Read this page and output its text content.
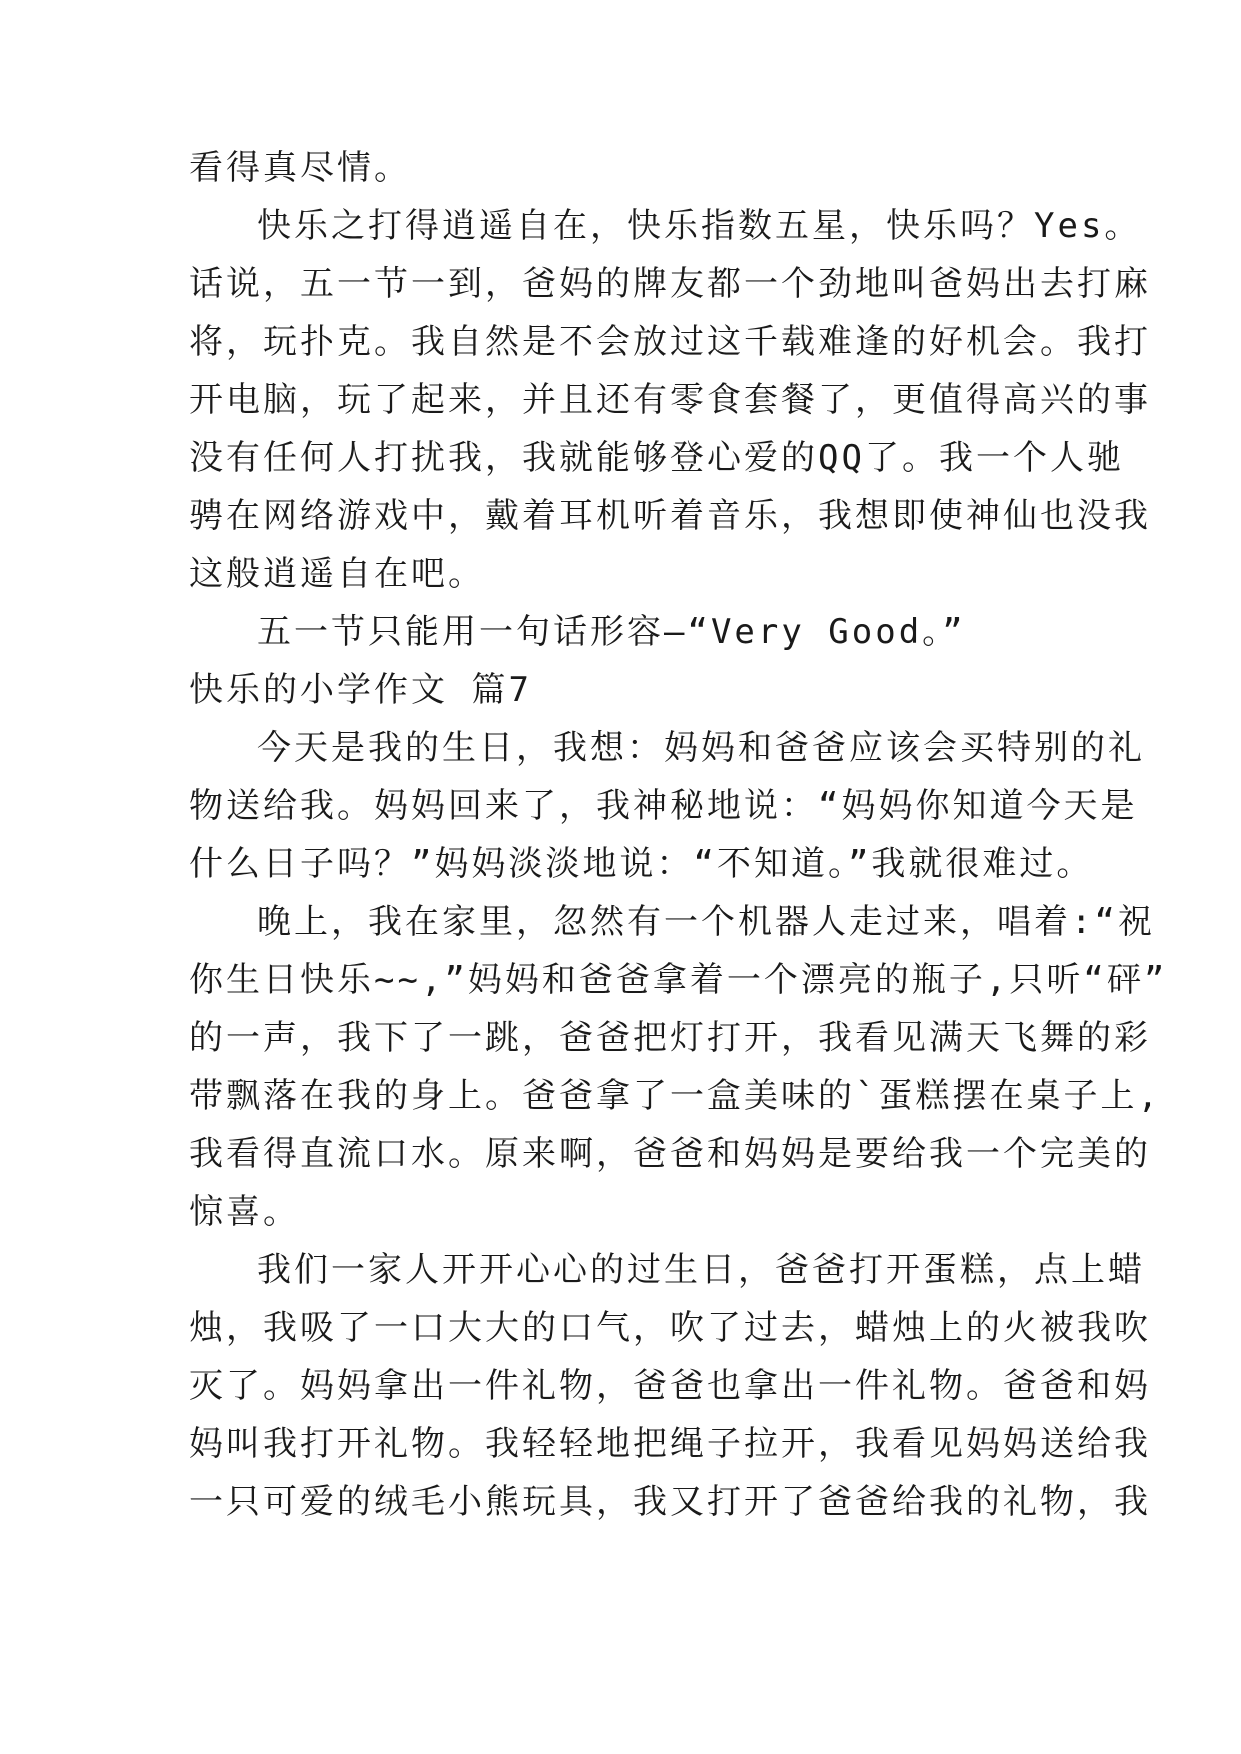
看得真尽情。
快乐之打得逍遥自在，快乐指数五星，快乐吗？Yes。
话说，五一节一到，爸妈的牌友都一个劲地叫爸妈出去打麻
将，玩扑克。我自然是不会放过这千载难逢的好机会。我打
开电脑，玩了起来，并且还有零食套餐了，更值得高兴的事
没有任何人打扰我，我就能够登心爱的QQ了。我一个人驰
骋在网络游戏中，戴着耳机听着音乐，我想即使神仙也没我
这般逍遥自在吧。
五一节只能用一句话形容—“Very Good。”
快乐的小学作文 篇7
今天是我的生日，我想：妈妈和爸爸应该会买特别的礼
物送给我。妈妈回来了，我神秘地说：“妈妈你知道今天是
什么日子吗？”妈妈淡淡地说：“不知道。”我就很难过。
晚上，我在家里，忽然有一个机器人走过来，唱着:“祝
你生日快乐~~,”妈妈和爸爸拿着一个漂亮的瓶子,只听“砰”
的一声，我下了一跳，爸爸把灯打开，我看见满天飞舞的彩
带飘落在我的身上。爸爸拿了一盒美味的`蛋糕摆在桌子上,
我看得直流口水。原来啊，爸爸和妈妈是要给我一个完美的
惊喜。
我们一家人开开心心的过生日，爸爸打开蛋糕，点上蜡
烛，我吸了一口大大的口气，吹了过去，蜡烛上的火被我吹
灭了。妈妈拿出一件礼物，爸爸也拿出一件礼物。爸爸和妈
妈叫我打开礼物。我轻轻地把绳子拉开，我看见妈妈送给我
一只可爱的绒毛小熊玩具，我又打开了爸爸给我的礼物，我
